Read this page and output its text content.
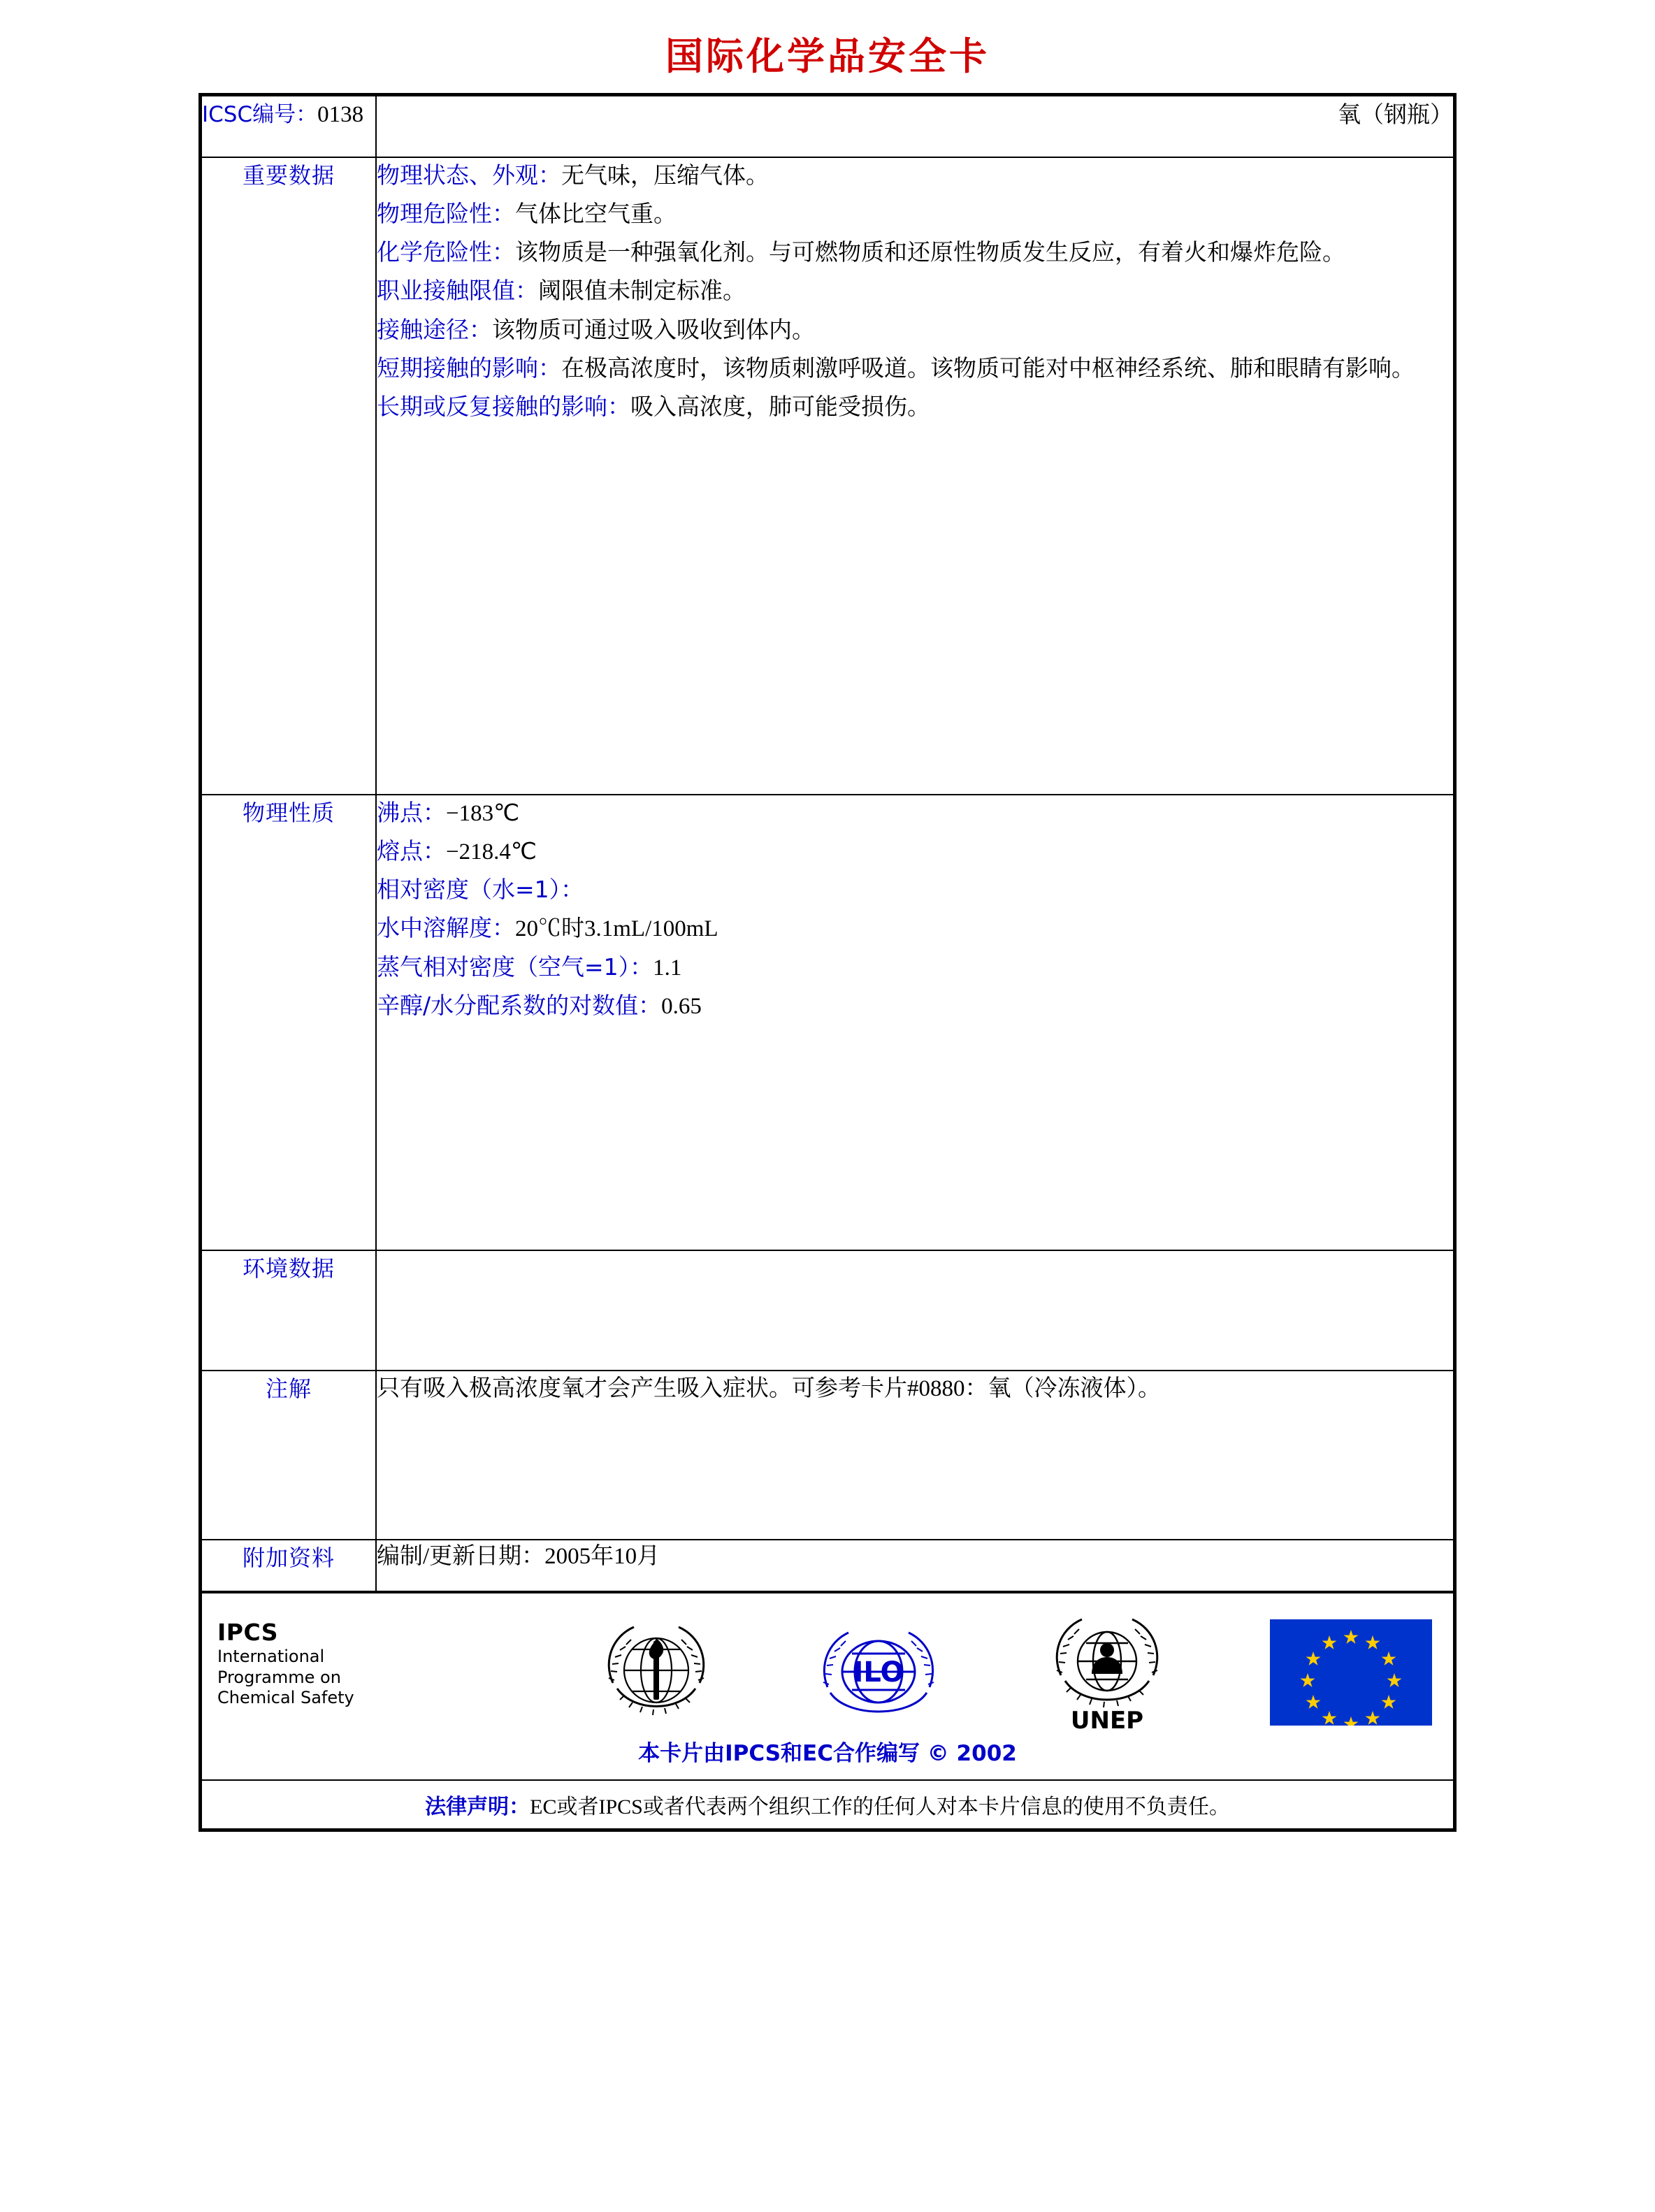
国际化学品安全卡
ICSC编号：0138	氧（钢瓶）
重要数据	物理状态、外观：无气味，压缩气体。

物理危险性：气体比空气重。

化学危险性：该物质是一种强氧化剂。与可燃物质和还原性物质发生反应，有着火和爆炸危险。

职业接触限值：阈限值未制定标准。

接触途径：该物质可通过吸入吸收到体内。

短期接触的影响：在极高浓度时，该物质刺激呼吸道。该物质可能对中枢神经系统、肺和眼睛有影响。

长期或反复接触的影响：吸入高浓度，肺可能受损伤。

物理性质	沸点：−183℃

熔点：−218.4℃

相对密度（水=1）：

水中溶解度：20℃时3.1mL/100mL

蒸气相对密度（空气=1）：1.1

辛醇/水分配系数的对数值：0.65

环境数据	
注解	只有吸入极高浓度氧才会产生吸入症状。可参考卡片#0880：氧（冷冻液体）。
附加资料	编制/更新日期：2005年10月
IPCS
International
Programme on
Chemical Safety
ILO
UNEP
本卡片由IPCS和EC合作编写 © 2002
法律声明：EC或者IPCS或者代表两个组织工作的任何人对本卡片信息的使用不负责任。
